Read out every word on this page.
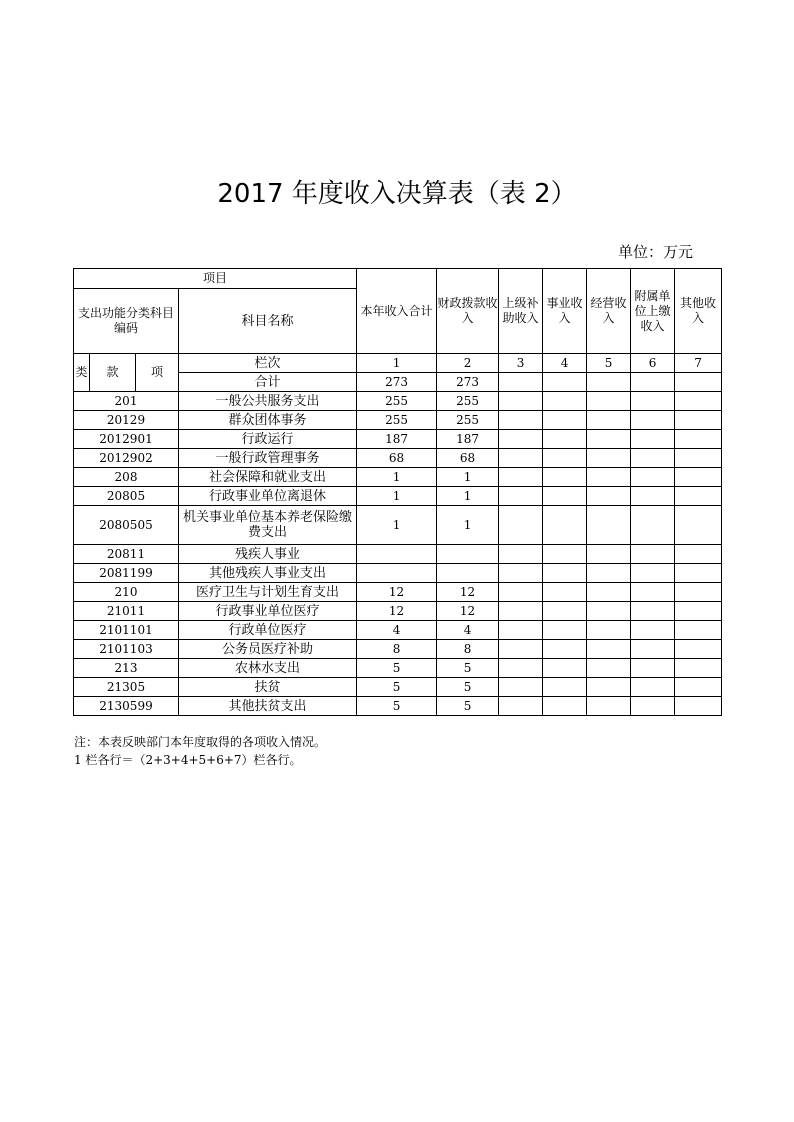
2017 年度收入决算表（表 2）
单位：万元
项目				本年收入合计	财政拨款收入	上级补助收入	事业收入	经营收入	附属单位上缴收入	其他收入
支出功能分类科目编码			科目名称							
类	款	项	栏次	1	2	3	4	5	6	7
			合计	273	273					
201			一般公共服务支出	255	255					
20129			群众团体事务	255	255					
2012901			行政运行	187	187					
2012902			一般行政管理事务	68	68					
208			社会保障和就业支出	1	1					
20805			行政事业单位离退休	1	1					
2080505			机关事业单位基本养老保险缴费支出	1	1					
20811			残疾人事业							
2081199			其他残疾人事业支出							
210			医疗卫生与计划生育支出	12	12					
21011			行政事业单位医疗	12	12					
2101101			行政单位医疗	4	4					
2101103			公务员医疗补助	8	8					
213			农林水支出	5	5					
21305			扶贫	5	5					
2130599			其他扶贫支出	5	5					
注：本表反映部门本年度取得的各项收入情况。
1 栏各行＝（2+3+4+5+6+7）栏各行。
